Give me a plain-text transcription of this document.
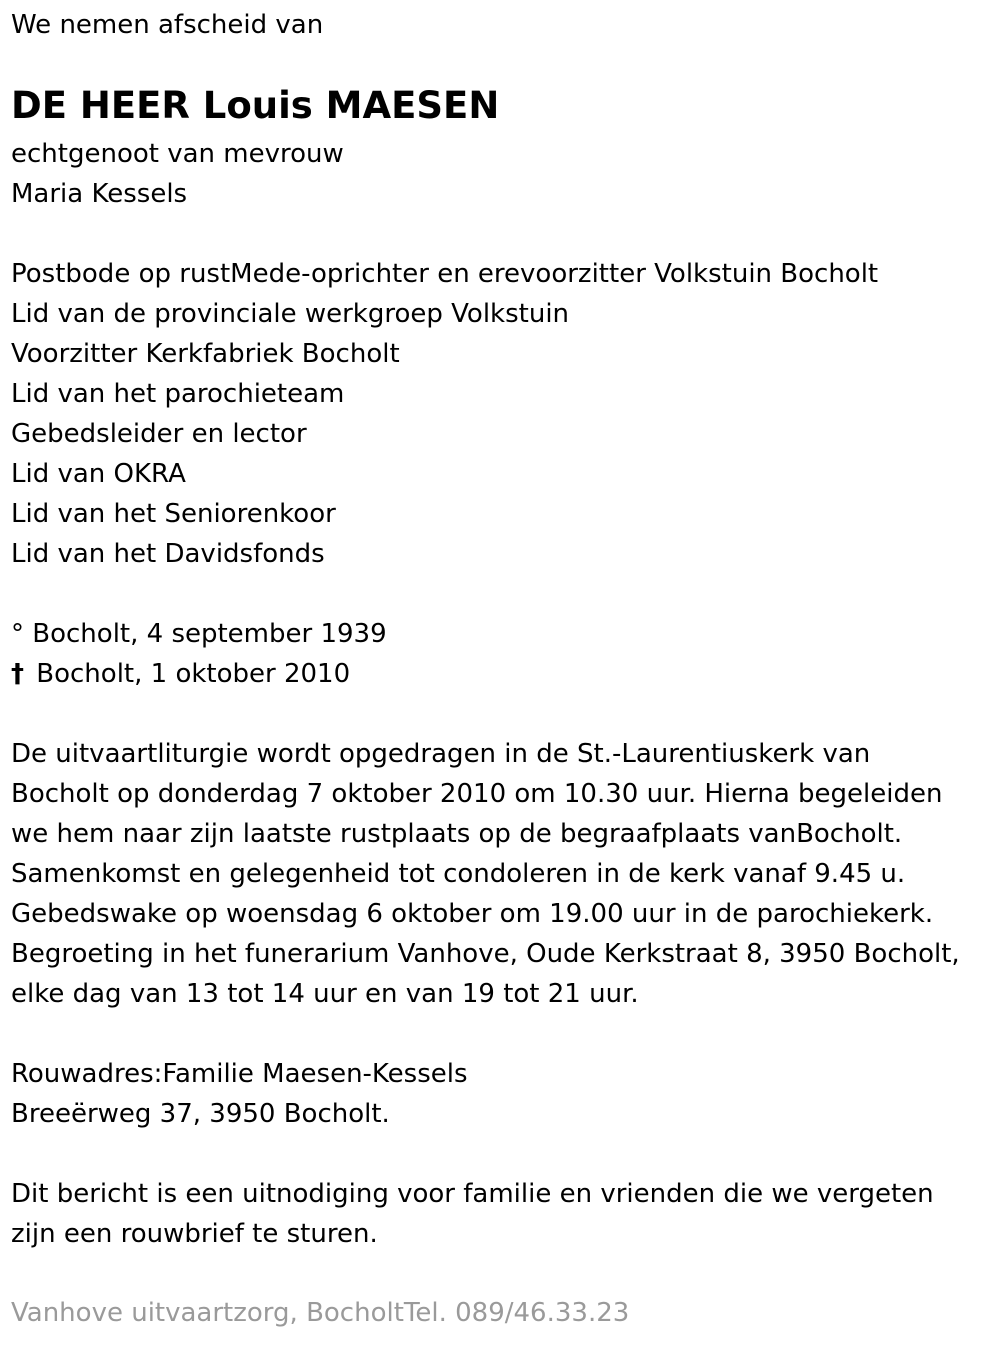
We nemen afscheid van
DE HEER Louis MAESEN
echtgenoot van mevrouw
Maria Kessels
Postbode op rustMede-oprichter en erevoorzitter Volkstuin Bocholt
Lid van de provinciale werkgroep Volkstuin
Voorzitter Kerkfabriek Bocholt
Lid van het parochieteam
Gebedsleider en lector
Lid van OKRA
Lid van het Seniorenkoor
Lid van het Davidsfonds
° Bocholt, 4 september 1939
† Bocholt, 1 oktober 2010
De uitvaartliturgie wordt opgedragen in de St.-Laurentiuskerk van
Bocholt op donderdag 7 oktober 2010 om 10.30 uur. Hierna begeleiden
we hem naar zijn laatste rustplaats op de begraafplaats vanBocholt.
Samenkomst en gelegenheid tot condoleren in de kerk vanaf 9.45 u.
Gebedswake op woensdag 6 oktober om 19.00 uur in de parochiekerk.
Begroeting in het funerarium Vanhove, Oude Kerkstraat 8, 3950 Bocholt,
elke dag van 13 tot 14 uur en van 19 tot 21 uur.
Rouwadres:Familie Maesen-Kessels
Breeërweg 37, 3950 Bocholt.
Dit bericht is een uitnodiging voor familie en vrienden die we vergeten
zijn een rouwbrief te sturen.
Vanhove uitvaartzorg, BocholtTel. 089/46.33.23
